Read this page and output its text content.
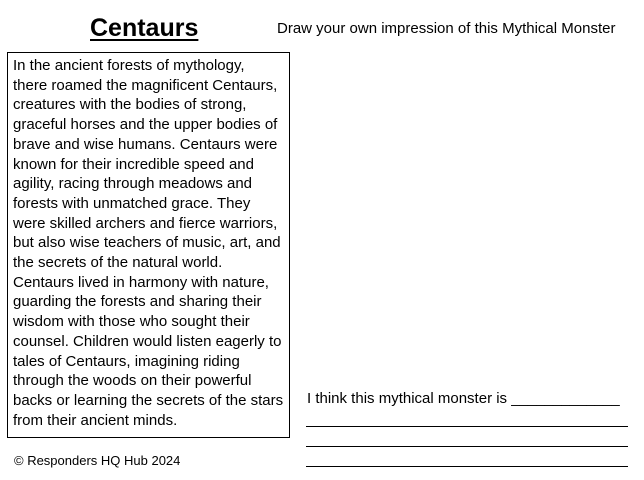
Centaurs	Draw your own impression of this Mythical Monster

In the ancient forests of mythology,
there roamed the magnificent Centaurs,
creatures with the bodies of strong,
graceful horses and the upper bodies of
brave and wise humans. Centaurs were
known for their incredible speed and
agility, racing through meadows and
forests with unmatched grace. They
were skilled archers and fierce warriors,
but also wise teachers of music, art, and
the secrets of the natural world.
Centaurs lived in harmony with nature,
guarding the forests and sharing their
wisdom with those who sought their
counsel. Children would listen eagerly to
tales of Centaurs, imagining riding
through the woods on their powerful
backs or learning the secrets of the stars
from their ancient minds.

I think this mythical monster is _____________
© Responders HQ Hub 2024
